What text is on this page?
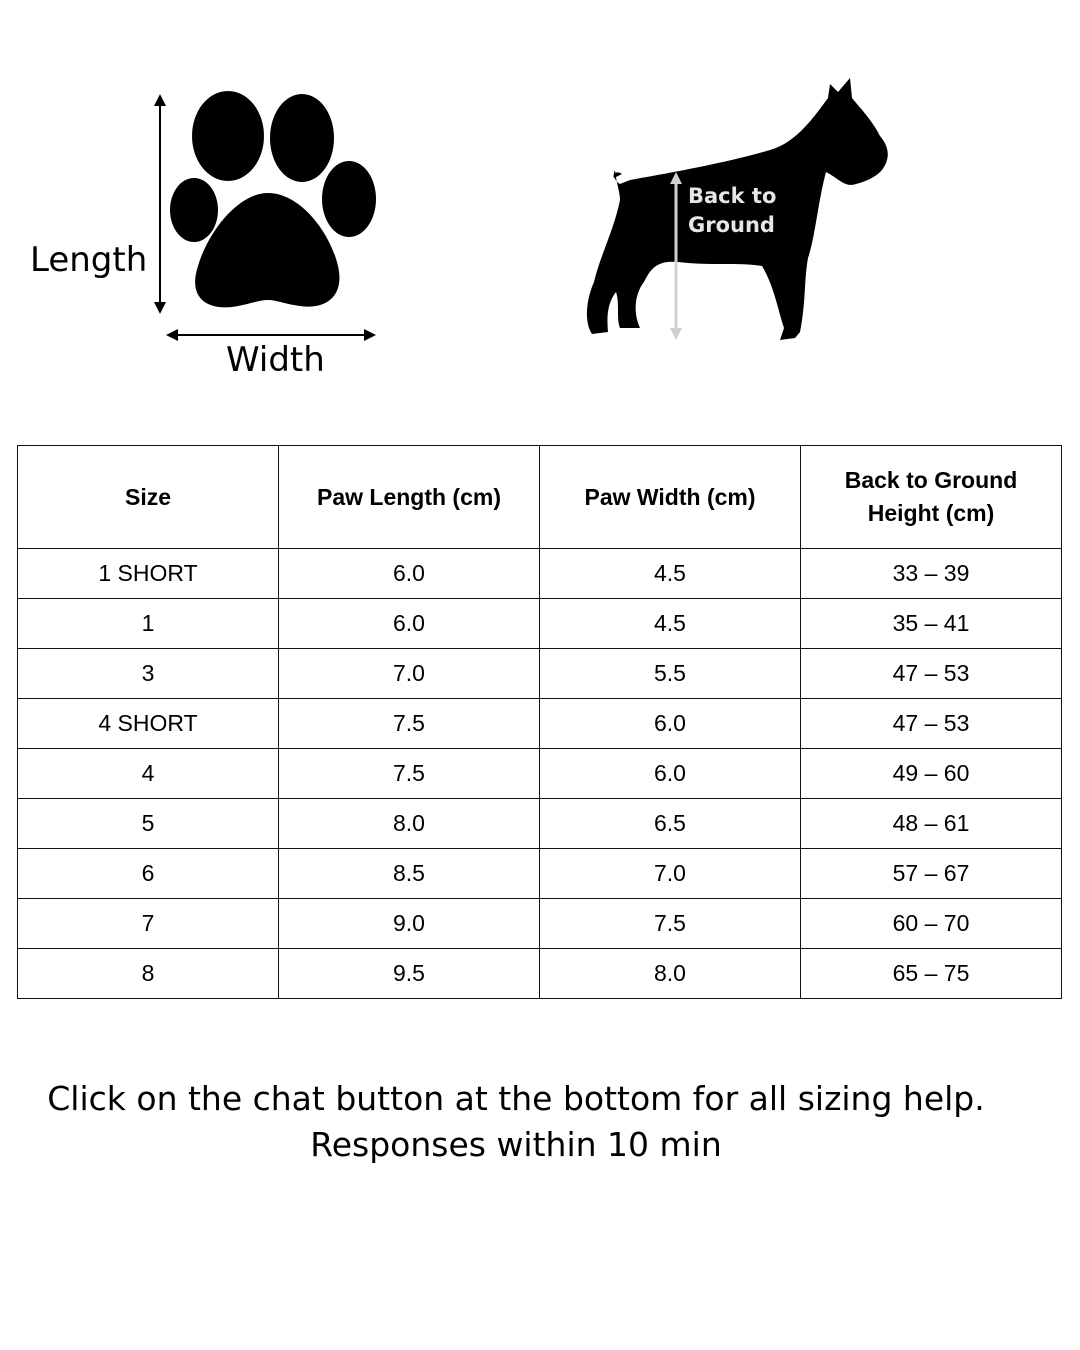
Length
Width
Back to
Ground
Size	Paw Length (cm)	Paw Width (cm)	Back to Ground Height (cm)
1 SHORT	6.0	4.5	33 – 39
1	6.0	4.5	35 – 41
3	7.0	5.5	47 – 53
4 SHORT	7.5	6.0	47 – 53
4	7.5	6.0	49 – 60
5	8.0	6.5	48 – 61
6	8.5	7.0	57 – 67
7	9.0	7.5	60 – 70
8	9.5	8.0	65 – 75
Click on the chat button at the bottom for all sizing help.
Responses within 10 min
